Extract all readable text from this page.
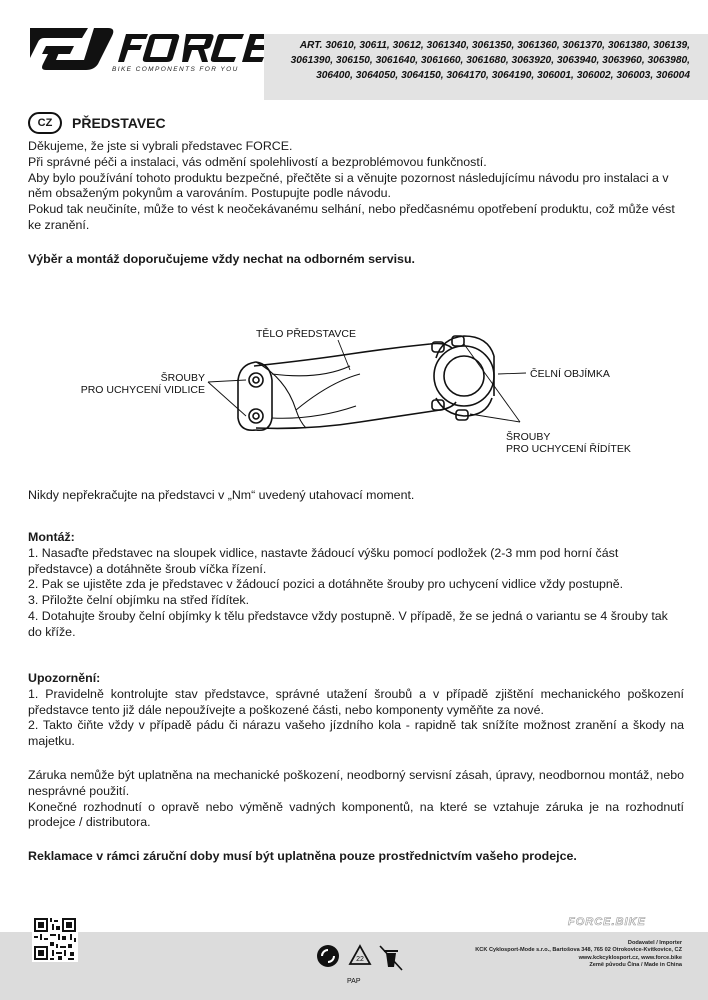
BIKE COMPONENTS FOR YOU
ART. 30610, 30611, 30612, 3061340, 3061350, 3061360, 3061370, 3061380, 306139, 3061390, 306150, 3061640, 3061660, 3061680, 3063920, 3063940, 3063960, 3063980, 306400, 3064050, 3064150, 3064170, 3064190, 306001, 306002, 306003, 306004
CZ	PŘEDSTAVEC

Děkujeme, že jste si vybrali představec FORCE.

Při správné péči a instalaci, vás odmění spolehlivostí a bezproblémovou funkčností.

Aby bylo používání tohoto produktu bezpečné, přečtěte si a věnujte pozornost následujícímu návodu pro instalaci a v něm obsaženým pokynům a varováním. Postupujte podle návodu.

Pokud tak neučiníte, může to vést k neočekávanému selhání, nebo předčasnému opotřebení produktu, což může vést ke zranění.

Výběr a montáž doporučujeme vždy nechat na odborném servisu.
TĚLO PŘEDSTAVCE
ŠROUBY
PRO UCHYCENÍ VIDLICE
ČELNÍ OBJÍMKA
ŠROUBY
PRO UCHYCENÍ ŘÍDÍTEK
Nikdy nepřekračujte na představci v „Nm“ uvedený utahovací moment.

Montáž:

1. Nasaďte představec na sloupek vidlice, nastavte žádoucí výšku pomocí podložek (2-3 mm pod horní část představce) a dotáhněte šroub víčka řízení.

2. Pak se ujistěte zda je představec v žádoucí pozici a dotáhněte šrouby pro uchycení vidlice vždy postupně.

3. Přiložte čelní objímku na střed řídítek.

4. Dotahujte šrouby čelní objímky k tělu představce vždy postupně. V případě, že se jedná o variantu se 4 šrouby tak do kříže.

Upozornění:

1. Pravidelně kontrolujte stav představce, správné utažení šroubů a v případě zjištění mechanického poškození představce tento již dále nepoužívejte a poškozené části, nebo komponenty vyměňte za nové.

2. Takto čiňte vždy v případě pádu či nárazu vašeho jízdního kola - rapidně tak snížíte možnost zranění a škody na majetku.

Záruka nemůže být uplatněna na mechanické poškození, neodborný servisní zásah, úpravy, neodbornou montáž, nebo nesprávné použití.

Konečné rozhodnutí o opravě nebo výměně vadných komponentů, na které se vztahuje záruka je na rozhodnutí prodejce / distributora.

Reklamace v rámci záruční doby musí být uplatněna pouze prostřednictvím vašeho prodejce.
FORCE.BIKE
22
PAP
Dodavatel / Importer
KCK Cyklosport-Mode s.r.o., Bartošova 348, 765 02 Otrokovice-Kvítkovice, CZ
www.kckcyklosport.cz, www.force.bike
Země původu Čína / Made in China
